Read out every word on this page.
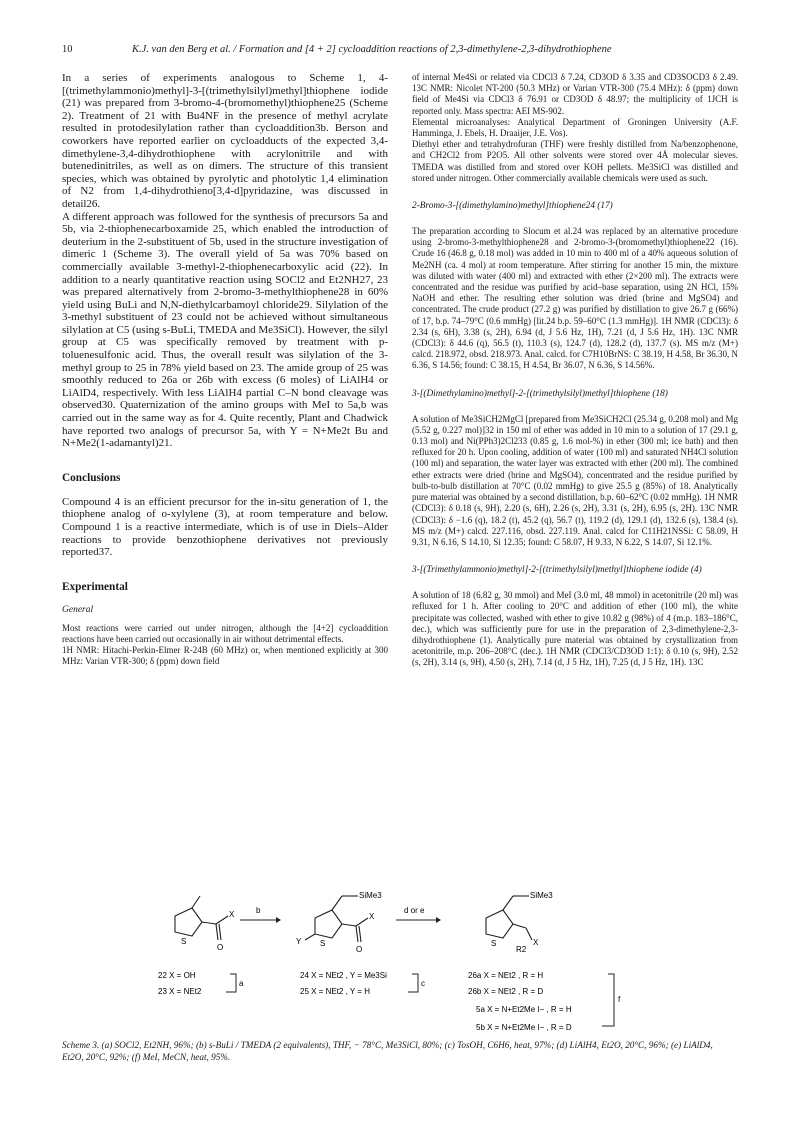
10	K.J. van den Berg et al. / Formation and [4 + 2] cycloaddition reactions of 2,3-dimethylene-2,3-dihydrothiophene

In a series of experiments analogous to Scheme 1, 4-[(trimethylammonio)methyl]-3-[(trimethylsilyl)methyl]thiophene iodide (21) was prepared from 3-bromo-4-(bromomethyl)thiophene25 (Scheme 2). Treatment of 21 with Bu4NF in the presence of methyl acrylate resulted in protodesilylation rather than cycloaddition3b. Berson and coworkers have reported earlier on cycloadducts of the expected 3,4-dimethylene-3,4-dihydrothiophene with acrylonitrile and with butenedinitriles, as well as on dimers. The structure of this transient species, which was obtained by pyrolytic and photolytic 1,4 elimination of N2 from 1,4-dihydrothieno[3,4-d]pyridazine, was discussed in detail26.

A different approach was followed for the synthesis of precursors 5a and 5b, via 2-thiophenecarboxamide 25, which enabled the introduction of deuterium in the 2-substituent of 5b, used in the structure investigation of dimeric 1 (Scheme 3). The overall yield of 5a was 70% based on commercially available 3-methyl-2-thiophenecarboxylic acid (22). In addition to a nearly quantitative reaction using SOCl2 and Et2NH27, 23 was prepared alternatively from 2-bromo-3-methylthiophene28 in 60% yield using BuLi and N,N-diethylcarbamoyl chloride29. Silylation of the 3-methyl substituent of 23 could not be achieved without simultaneous silylation at C5 (using s-BuLi, TMEDA and Me3SiCl). However, the silyl group at C5 was specifically removed by treatment with p-toluenesulfonic acid. Thus, the overall result was silylation of the 3-methyl group to 25 in 78% yield based on 23. The amide group of 25 was smoothly reduced to 26a or 26b with excess (6 moles) of LiAlH4 or LiAlD4, respectively. With less LiAlH4 partial C–N bond cleavage was observed30. Quaternization of the amino groups with MeI to 5a,b was carried out in the same way as for 4. Quite recently, Plant and Chadwick have reported two analogs of precursor 5a, with Y = N+Me2t Bu and N+Me2(1-adamantyl)21.

Conclusions

Compound 4 is an efficient precursor for the in-situ generation of 1, the thiophene analog of o-xylylene (3), at room temperature and below. Compound 1 is a reactive intermediate, which is of use in Diels–Alder reactions to provide benzothiophene derivatives not previously reported37.

Experimental
General

Most reactions were carried out under nitrogen, although the [4+2] cycloaddition reactions have been carried out occasionally in air without detrimental effects.

1H NMR: Hitachi-Perkin-Elmer R-24B (60 MHz) or, when mentioned explicitly at 300 MHz: Varian VTR-300; δ (ppm) down field

of internal Me4Si or related via CDCl3 δ 7.24, CD3OD δ 3.35 and CD3SOCD3 δ 2.49. 13C NMR: Nicolet NT-200 (50.3 MHz) or Varian VTR-300 (75.4 MHz): δ (ppm) down field of Me4Si via CDCl3 δ 76.91 or CD3OD δ 48.97; the multiplicity of 1JCH is reported only. Mass spectra: AEI MS-902.

Elemental microanalyses: Analytical Department of Groningen University (A.F. Hamminga, J. Ebels, H. Draaijer, J.E. Vos).

Diethyl ether and tetrahydrofuran (THF) were freshly distilled from Na/benzophenone, and CH2Cl2 from P2O5. All other solvents were stored over 4Å molecular sieves. TMEDA was distilled from and stored over KOH pellets. Me3SiCl was distilled and stored under nitrogen. Other commercially available chemicals were used as such.

2-Bromo-3-[(dimethylamino)methyl]thiophene24 (17)

The preparation according to Slocum et al.24 was replaced by an alternative procedure using 2-bromo-3-methylthiophene28 and 2-bromo-3-(bromomethyl)thiophene22 (16). Crude 16 (46.8 g, 0.18 mol) was added in 10 min to 400 ml of a 40% aqueous solution of Me2NH (ca. 4 mol) at room temperature. After stirring for another 15 min, the mixture was diluted with water (400 ml) and extracted with ether (2×200 ml). The extracts were concentrated and the residue was purified by acid–base separation, using 2N HCl, 15% NaOH and ether. The resulting ether solution was dried (brine and MgSO4) and concentrated. The crude product (27.2 g) was purified by distillation to give 26.7 g (66%) of 17, b.p. 74–79°C (0.6 mmHg) [lit.24 b.p. 59–60°C (1.3 mmHg)]. 1H NMR (CDCl3): δ 2.34 (s, 6H), 3.38 (s, 2H), 6.94 (d, J 5.6 Hz, 1H), 7.21 (d, J 5.6 Hz, 1H). 13C NMR (CDCl3): δ 44.6 (q), 56.5 (t), 110.3 (s), 124.7 (d), 128.2 (d), 137.7 (s). MS m/z (M+) calcd. 218.972, obsd. 218.973. Anal. calcd. for C7H10BrNS: C 38.19, H 4.58, Br 36.30, N 6.36, S 14.56; found: C 38.15, H 4.54, Br 36.07, N 6.36, S 14.56%.

3-[(Dimethylamino)methyl]-2-[(trimethylsilyl)methyl]thiophene (18)

A solution of Me3SiCH2MgCl [prepared from Me3SiCH2Cl (25.34 g, 0.208 mol) and Mg (5.52 g, 0.227 mol)]32 in 150 ml of ether was added in 10 min to a solution of 17 (29.1 g, 0.13 mol) and Ni(PPh3)2Cl233 (0.85 g, 1.6 mol-%) in ether (300 ml; ice bath) and then refluxed for 20 h. Upon cooling, addition of water (100 ml) and saturated NH4Cl solution (100 ml) and separation, the water layer was extracted with ether (200 ml). The combined ether extracts were dried (brine and MgSO4), concentrated and the residue purified by bulb-to-bulb distillation at 70°C (0.02 mmHg) to give 25.5 g (85%) of 18. Analytically pure material was obtained by a second distillation, b.p. 60–62°C (0.02 mmHg). 1H NMR (CDCl3): δ 0.18 (s, 9H), 2.20 (s, 6H), 2.26 (s, 2H), 3.31 (s, 2H), 6.95 (s, 2H). 13C NMR (CDCl3): δ −1.6 (q), 18.2 (t), 45.2 (q), 56.7 (t), 119.2 (d), 129.1 (d), 132.6 (s), 138.4 (s). MS m/z (M+) calcd. 227.116, obsd. 227.119. Anal. calcd for C11H21NSSi: C 58.09, H 9.31, N 6.16, S 14.10, Si 12.35; found: C 58.07, H 9.33, N 6.22, S 14.07, Si 12.1%.

3-[(Trimethylammonio)methyl]-2-[(trimethylsilyl)methyl]thiophene iodide (4)

A solution of 18 (6.82 g, 30 mmol) and MeI (3.0 ml, 48 mmol) in acetonitrile (20 ml) was refluxed for 1 h. After cooling to 20°C and addition of ether (100 ml), the white precipitate was collected, washed with ether to give 10.82 g (98%) of 4 (m.p. 183–186°C, dec.), which was sufficiently pure for use in the preparation of 2,3-dimethylene-2,3-dihydrothiophene (1). Analytically pure material was obtained by crystallization from acetonitrile, m.p. 206–208°C (dec.). 1H NMR (CDCl3/CD3OD 1:1): δ 0.10 (s, 9H), 2.52 (s, 2H), 3.14 (s, 9H), 4.50 (s, 2H), 7.14 (d, J 5 Hz, 1H), 7.25 (d, J 5 Hz, 1H). 13C

S
X
O
b
SiMe3
X
Y S
O
d or e
SiMe3
X
S
R2
22 X = OH
23 X = NEt2
a
24 X = NEt2 , Y = Me3Si
25 X = NEt2 , Y = H
c
26a X = NEt2 , R = H
26b X = NEt2 , R = D
5a X = N+Et2Me I− , R = H
5b X = N+Et2Me I− , R = D
f
Scheme 3. (a) SOCl2, Et2NH, 96%; (b) s-BuLi / TMEDA (2 equivalents), THF, − 78°C, Me3SiCl, 80%; (c) TosOH, C6H6, heat, 97%; (d) LiAlH4, Et2O, 20°C, 96%; (e) LiAlD4, Et2O, 20°C, 92%; (f) MeI, MeCN, heat, 95%.
